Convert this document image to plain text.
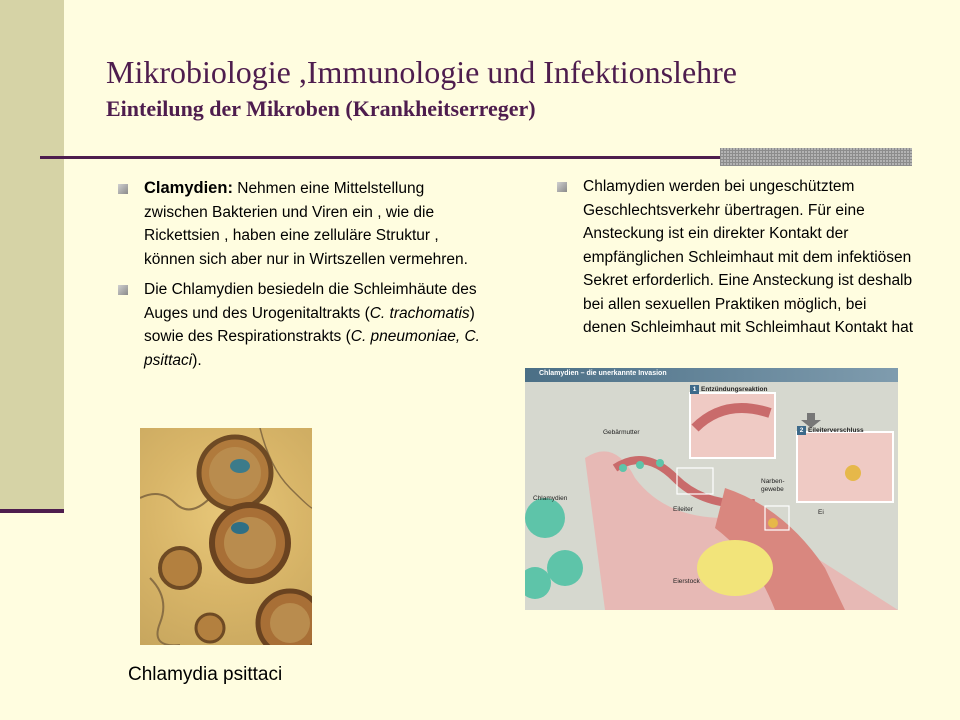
Mikrobiologie ,Immunologie und Infektionslehre
Einteilung der Mikroben (Krankheitserreger)
Clamydien: Nehmen eine Mittelstellung zwischen Bakterien und Viren ein , wie die Rickettsien , haben eine zelluläre Struktur , können sich aber nur in Wirtszellen vermehren.
Die Chlamydien besiedeln die Schleimhäute des Auges und des Urogenitaltrakts (C. trachomatis) sowie des Respirationstrakts (C. pneumoniae, C. psittaci).
Chlamydien werden bei ungeschütztem Geschlechtsverkehr übertragen. Für eine Ansteckung ist ein direkter Kontakt der empfänglichen Schleimhaut mit dem infektiösen Sekret erforderlich. Eine Ansteckung ist deshalb bei allen sexuellen Praktiken möglich, bei denen Schleimhaut mit Schleimhaut Kontakt hat
Chlamydia psittaci
Chlamydien – die unerkannte Invasion
1 Entzündungsreaktion
2 Eileiterverschluss
Gebärmutter
Chlamydien
Narben-
gewebe
Eileiter	Ei
Eierstock
